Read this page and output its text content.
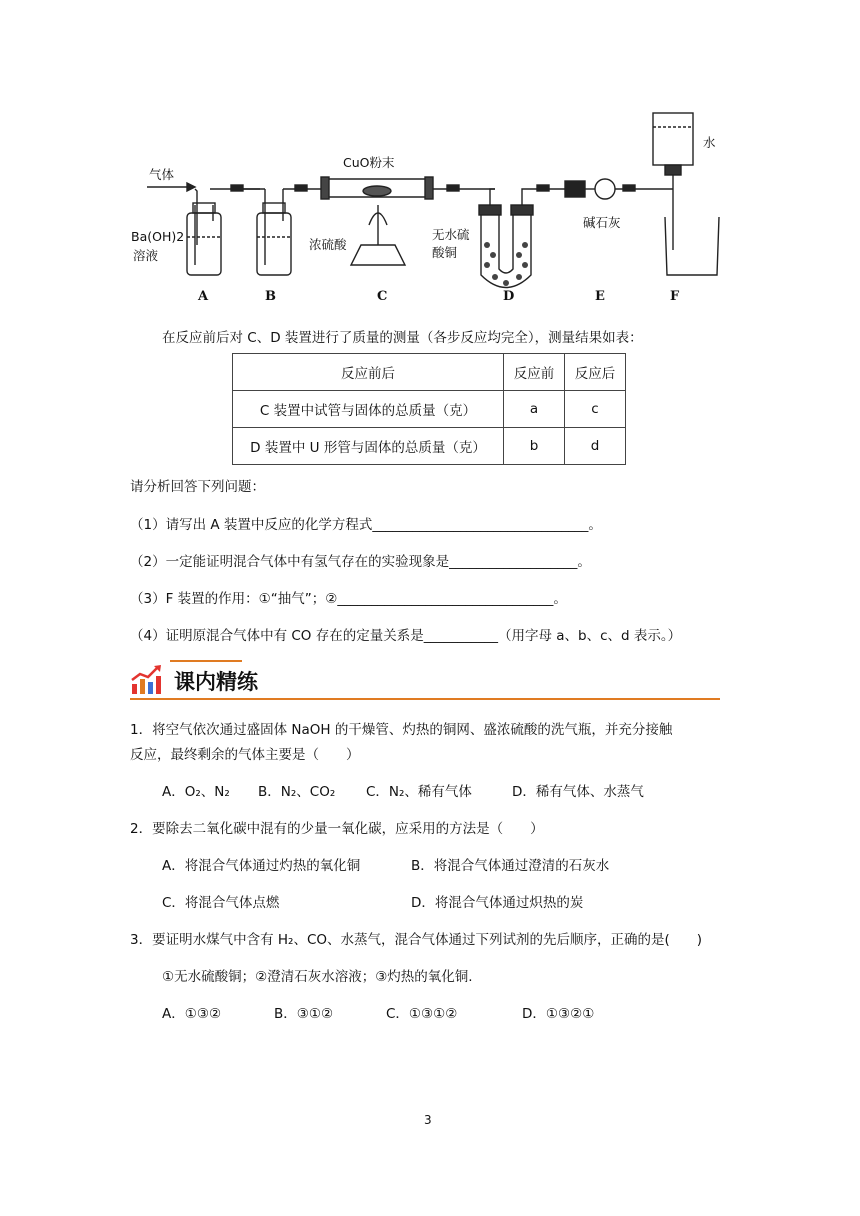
气体
CuO粉末
Ba(OH)2
溶液
浓硫酸
无水硫
酸铜
碱石灰
水
A	B	C	D	E	F
在反应前后对 C、D 装置进行了质量的测量（各步反应均完全），测量结果如表：
反应前后	反应前	反应后
C 装置中试管与固体的总质量（克）	a	c
D 装置中 U 形管与固体的总质量（克）	b	d
请分析回答下列问题：
（1）请写出 A 装置中反应的化学方程式________________________________。
（2）一定能证明混合气体中有氢气存在的实验现象是___________________。
（3）F 装置的作用：①“抽气”；②________________________________。
（4）证明原混合气体中有 CO 存在的定量关系是___________（用字母 a、b、c、d 表示。）
课内精练
1．将空气依次通过盛固体 NaOH 的干燥管、灼热的铜网、盛浓硫酸的洗气瓶，并充分接触
反应，最终剩余的气体主要是（　　）
A．O₂、N₂ B．N₂、CO₂ C．N₂、稀有气体	D．稀有气体、水蒸气
2．要除去二氧化碳中混有的少量一氧化碳，应采用的方法是（　　）
A．将混合气体通过灼热的氧化铜	B．将混合气体通过澄清的石灰水
C．将混合气体点燃	D．将混合气体通过炽热的炭
3．要证明水煤气中含有 H₂、CO、水蒸气，混合气体通过下列试剂的先后顺序，正确的是(　　)
①无水硫酸铜；②澄清石灰水溶液；③灼热的氧化铜.
A．①③②	B．③①②	C．①③①②	D．①③②①
3
